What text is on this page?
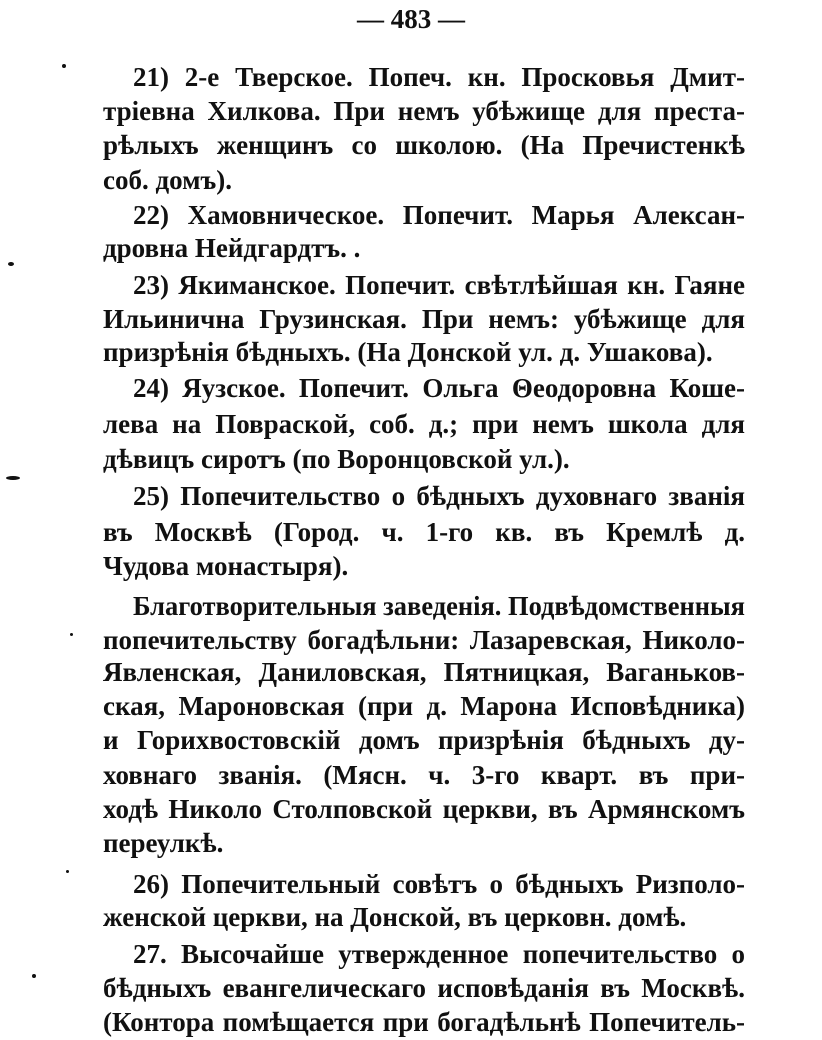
— 483 —
21) 2-е Тверское. Попеч. кн. Просковья Дмит-
тріевна Хилкова. При немъ убѣжище для преста-
рѣлыхъ женщинъ со школою. (На Пречистенкѣ
соб. домъ).
22) Хамовническое. Попечит. Марья Алексан-
дровна Нейдгардтъ. .
23) Якиманское. Попечит. свѣтлѣйшая кн. Гаяне
Ильинична Грузинская. При немъ: убѣжище для
призрѣнія бѣдныхъ. (На Донской ул. д. Ушакова).
24) Яузское. Попечит. Ольга Θеодоровна Коше-
лева на Повраской, соб. д.; при немъ школа для
дѣвицъ сиротъ (по Воронцовской ул.).
25) Попечительство о бѣдныхъ духовнаго званія
въ Москвѣ (Город. ч. 1-го кв. въ Кремлѣ д.
Чудова монастыря).
Благотворительныя заведенія. Подвѣдомственныя
попечительству богадѣльни: Лазаревская, Николо-
Явленская, Даниловская, Пятницкая, Ваганьков-
ская, Мароновская (при д. Марона Исповѣдника)
и Горихвостовскій домъ призрѣнія бѣдныхъ ду-
ховнаго званія. (Мясн. ч. 3-го кварт. въ при-
ходѣ Николо Столповской церкви, въ Армянскомъ
переулкѣ.
26) Попечительный совѣтъ о бѣдныхъ Ризполо-
женской церкви, на Донской, въ церковн. домѣ.
27. Высочайше утвержденное попечительство о
бѣдныхъ евангелическаго исповѣданія въ Москвѣ.
(Контора помѣщается при богадѣльнѣ Попечитель-
